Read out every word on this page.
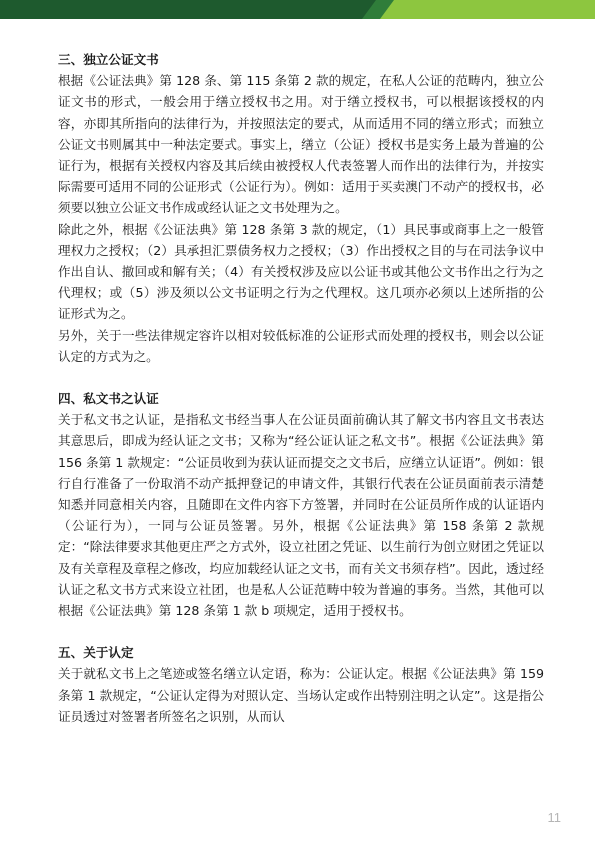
三、独立公证文书

根据《公证法典》第 128 条、第 115 条第 2 款的规定，在私人公证的范畴内，独立公证文书的形式，一般会用于缮立授权书之用。对于缮立授权书，可以根据该授权的内容，亦即其所指向的法律行为，并按照法定的要式，从而适用不同的缮立形式；而独立公证文书则属其中一种法定要式。事实上，缮立（公证）授权书是实务上最为普遍的公证行为，根据有关授权内容及其后续由被授权人代表签署人而作出的法律行为，并按实际需要可适用不同的公证形式（公证行为）。例如：适用于买卖澳门不动产的授权书，必须要以独立公证文书作成或经认证之文书处理为之。

除此之外，根据《公证法典》第 128 条第 3 款的规定，（1）具民事或商事上之一般管理权力之授权；（2）具承担汇票债务权力之授权；（3）作出授权之目的与在司法争议中作出自认、撤回或和解有关；（4）有关授权涉及应以公证书或其他公文书作出之行为之代理权；或（5）涉及须以公文书证明之行为之代理权。这几项亦必须以上述所指的公证形式为之。

另外，关于一些法律规定容许以相对较低标准的公证形式而处理的授权书，则会以公证认定的方式为之。

四、私文书之认证

关于私文书之认证，是指私文书经当事人在公证员面前确认其了解文书内容且文书表达其意思后，即成为经认证之文书；又称为“经公证认证之私文书”。根据《公证法典》第 156 条第 1 款规定：“公证员收到为获认证而提交之文书后，应缮立认证语”。例如：银行自行准备了一份取消不动产抵押登记的申请文件，其银行代表在公证员面前表示清楚知悉并同意相关内容，且随即在文件内容下方签署，并同时在公证员所作成的认证语内（公证行为），一同与公证员签署。另外，根据《公证法典》第 158 条第 2 款规定：“除法律要求其他更庄严之方式外，设立社团之凭证、以生前行为创立财团之凭证以及有关章程及章程之修改，均应加载经认证之文书，而有关文书须存档”。因此，透过经认证之私文书方式来设立社团，也是私人公证范畴中较为普遍的事务。当然，其他可以根据《公证法典》第 128 条第 1 款 b 项规定，适用于授权书。

五、关于认定

关于就私文书上之笔迹或签名缮立认定语，称为：公证认定。根据《公证法典》第 159 条第 1 款规定，“公证认定得为对照认定、当场认定或作出特别注明之认定”。这是指公证员透过对签署者所签名之识别，从而认

11
